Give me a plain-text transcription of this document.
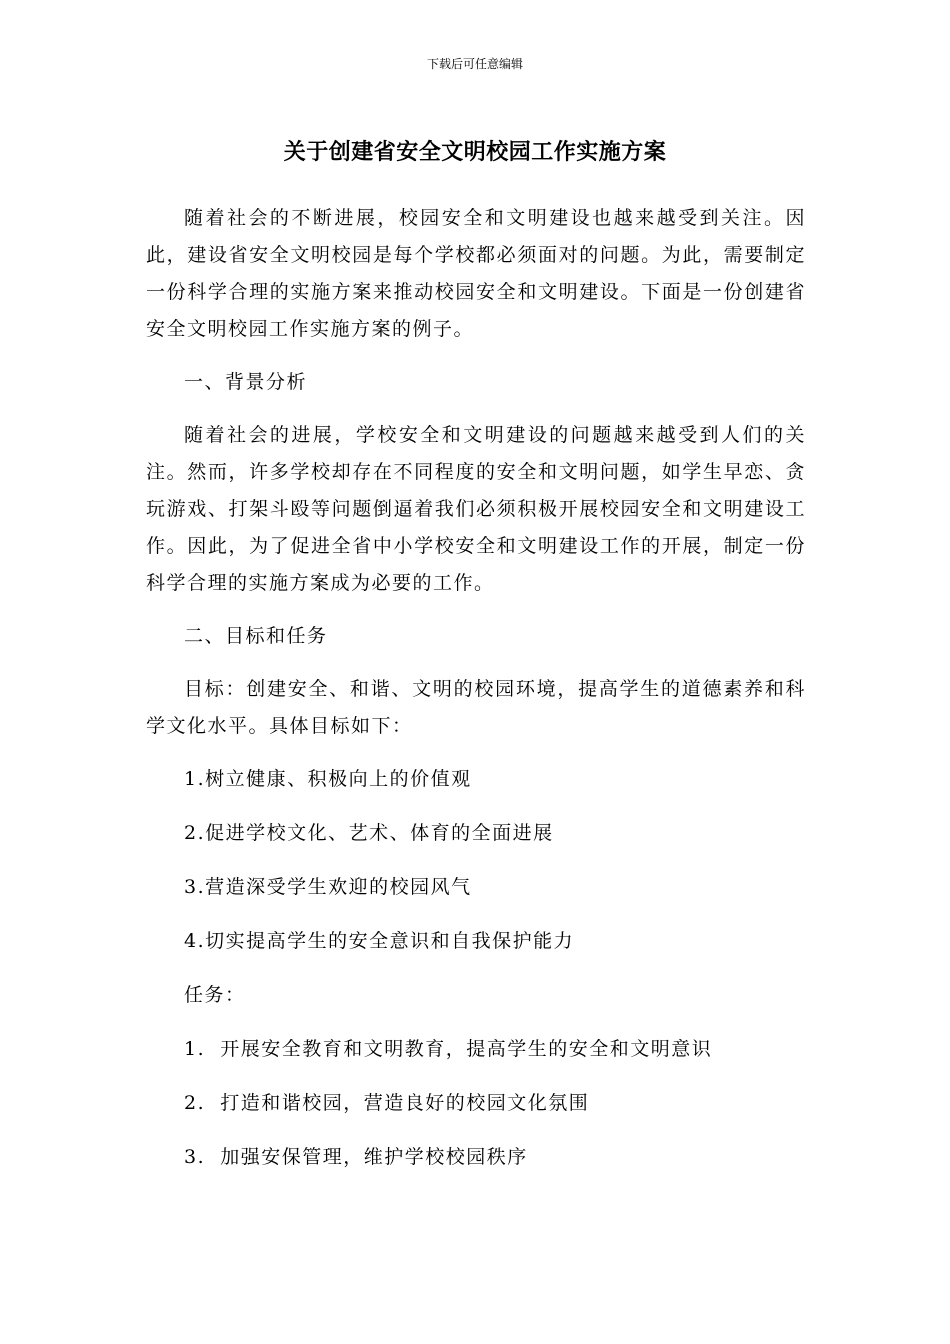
下载后可任意编辑
关于创建省安全文明校园工作实施方案

随着社会的不断进展，校园安全和文明建设也越来越受到关注。因此，建设省安全文明校园是每个学校都必须面对的问题。为此，需要制定一份科学合理的实施方案来推动校园安全和文明建设。下面是一份创建省安全文明校园工作实施方案的例子。

一、背景分析

随着社会的进展，学校安全和文明建设的问题越来越受到人们的关注。然而，许多学校却存在不同程度的安全和文明问题，如学生早恋、贪玩游戏、打架斗殴等问题倒逼着我们必须积极开展校园安全和文明建设工作。因此，为了促进全省中小学校安全和文明建设工作的开展，制定一份科学合理的实施方案成为必要的工作。

二、目标和任务

目标：创建安全、和谐、文明的校园环境，提高学生的道德素养和科学文化水平。具体目标如下：

1.树立健康、积极向上的价值观

2.促进学校文化、艺术、体育的全面进展

3.营造深受学生欢迎的校园风气

4.切实提高学生的安全意识和自我保护能力

任务：

1.  开展安全教育和文明教育，提高学生的安全和文明意识

2.  打造和谐校园，营造良好的校园文化氛围

3.  加强安保管理，维护学校校园秩序
